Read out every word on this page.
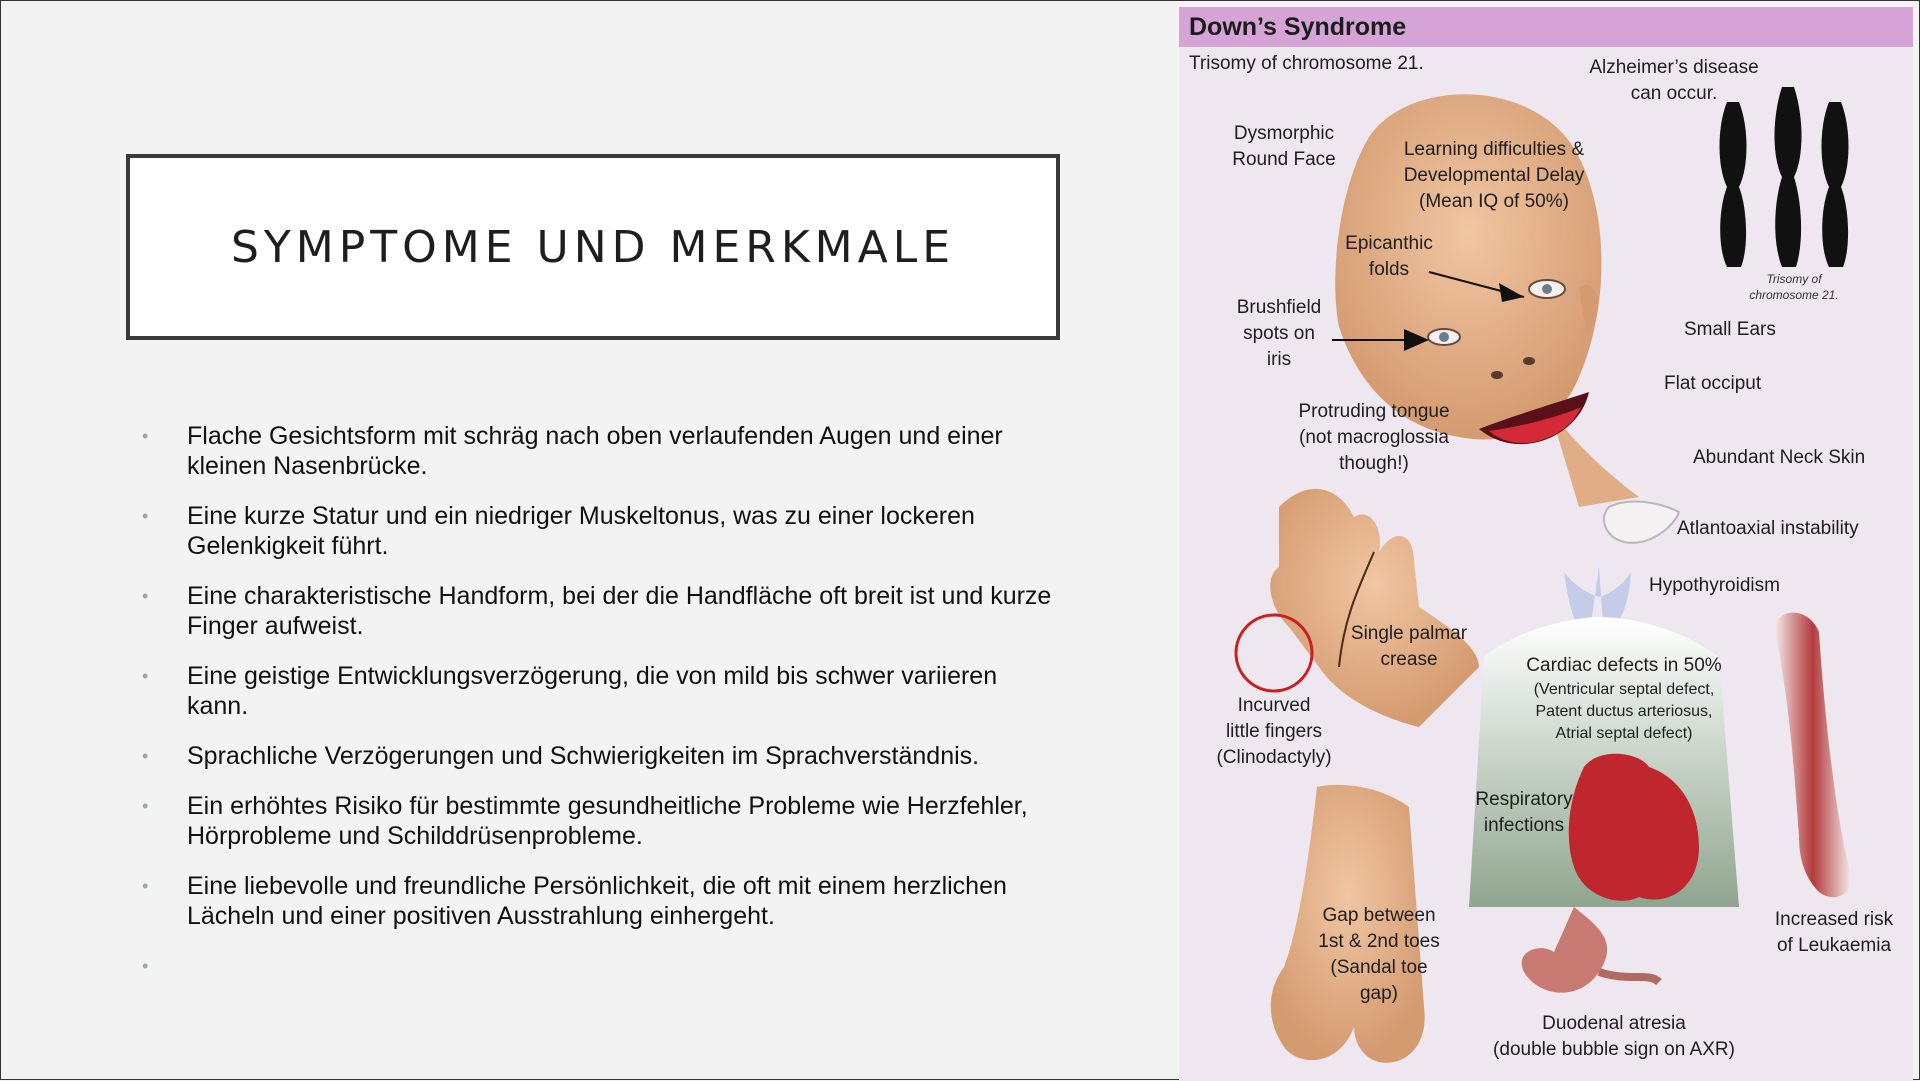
SYMPTOME UND MERKMALE
• Flache Gesichtsform mit schräg nach oben verlaufenden Augen und einer kleinen Nasenbrücke.
• Eine kurze Statur und ein niedriger Muskeltonus, was zu einer lockeren Gelenkigkeit führt.
• Eine charakteristische Handform, bei der die Handfläche oft breit ist und kurze Finger aufweist.
• Eine geistige Entwicklungsverzögerung, die von mild bis schwer variieren kann.
• Sprachliche Verzögerungen und Schwierigkeiten im Sprachverständnis.
• Ein erhöhtes Risiko für bestimmte gesundheitliche Probleme wie Herzfehler, Hörprobleme und Schilddrüsenprobleme.
• Eine liebevolle und freundliche Persönlichkeit, die oft mit einem herzlichen Lächeln und einer positiven Ausstrahlung einhergeht.
•
Down’s Syndrome
Trisomy of chromosome 21.	Alzheimer’s disease
can occur.
Dysmorphic
Round Face	Learning difficulties &
Developmental Delay
(Mean IQ of 50%)
Epicanthic
folds	Trisomy of
chromosome 21.
Brushfield
spots on
iris
Small Ears
Flat occiput
Protruding tongue
(not macroglossia
though!)	Abundant Neck Skin
Atlantoaxial instability
Hypothyroidism
Single palmar
crease	Cardiac defects in 50%
(Ventricular septal defect,
Patent ductus arteriosus,
Atrial septal defect)
Incurved
little fingers
(Clinodactyly)
Respiratory
infections
Gap between
1st & 2nd toes
(Sandal toe
gap)
Increased risk
of Leukaemia
Duodenal atresia
(double bubble sign on AXR)
